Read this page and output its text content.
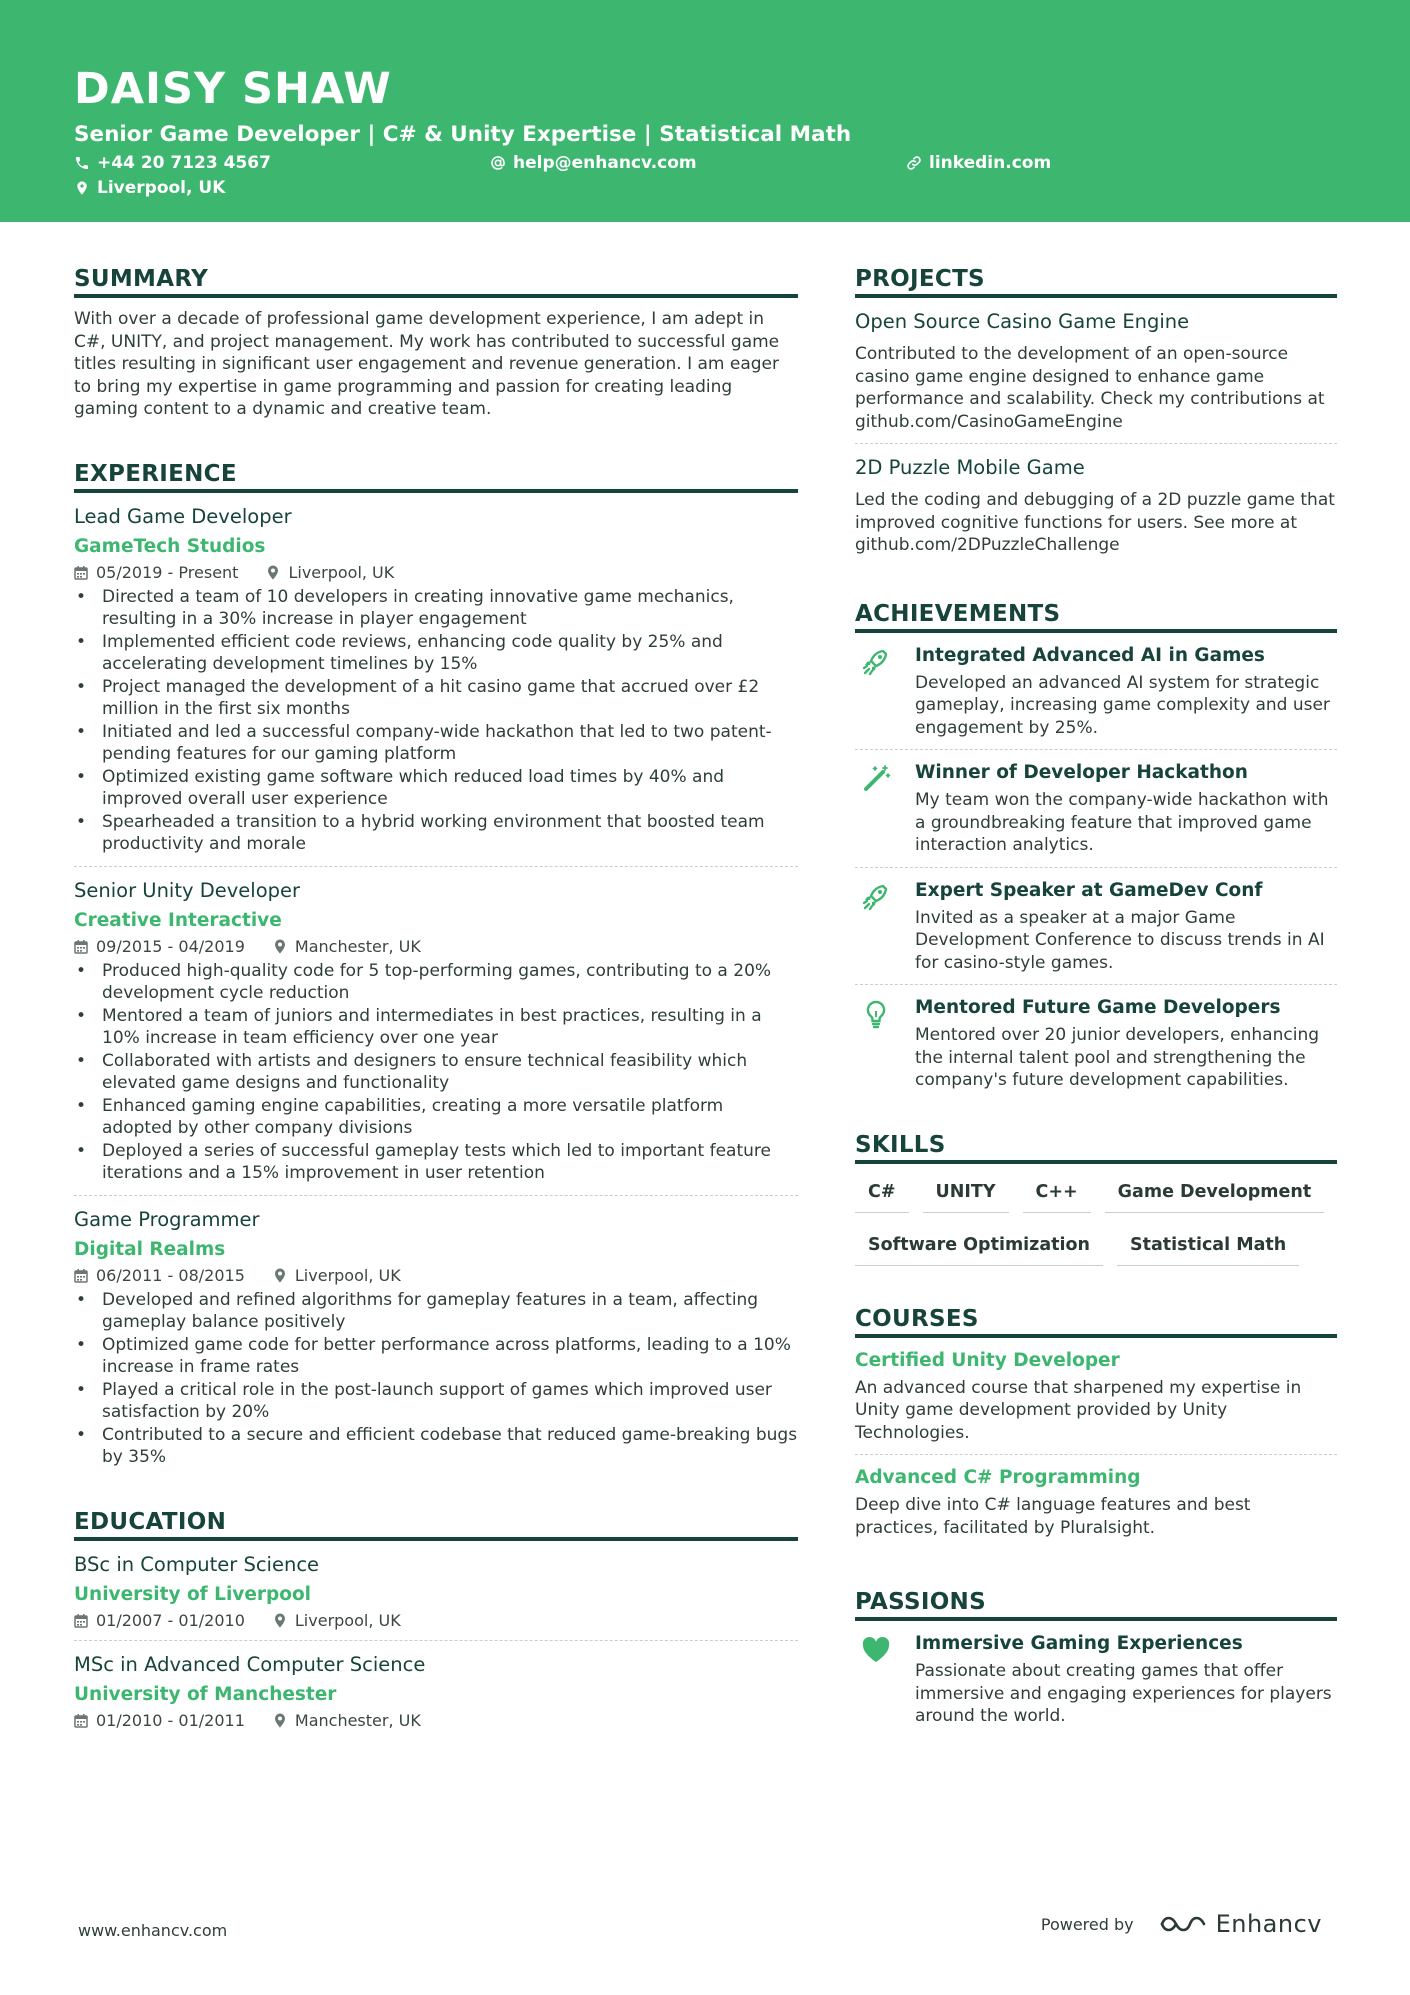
DAISY SHAW
Senior Game Developer | C# & Unity Expertise | Statistical Math
+44 20 7123 4567	help@enhancv.com	linkedin.com
Liverpool, UK
SUMMARY
With over a decade of professional game development experience, I am adept in C#, UNITY, and project management. My work has contributed to successful game titles resulting in significant user engagement and revenue generation. I am eager to bring my expertise in game programming and passion for creating leading gaming content to a dynamic and creative team.
EXPERIENCE
Lead Game Developer
GameTech Studios
05/2019 - Present	Liverpool, UK
• Directed a team of 10 developers in creating innovative game mechanics, resulting in a 30% increase in player engagement
• Implemented efficient code reviews, enhancing code quality by 25% and accelerating development timelines by 15%
• Project managed the development of a hit casino game that accrued over £2 million in the first six months
• Initiated and led a successful company-wide hackathon that led to two patent-pending features for our gaming platform
• Optimized existing game software which reduced load times by 40% and improved overall user experience
• Spearheaded a transition to a hybrid working environment that boosted team productivity and morale
Senior Unity Developer
Creative Interactive
09/2015 - 04/2019	Manchester, UK
• Produced high-quality code for 5 top-performing games, contributing to a 20% development cycle reduction
• Mentored a team of juniors and intermediates in best practices, resulting in a 10% increase in team efficiency over one year
• Collaborated with artists and designers to ensure technical feasibility which elevated game designs and functionality
• Enhanced gaming engine capabilities, creating a more versatile platform adopted by other company divisions
• Deployed a series of successful gameplay tests which led to important feature iterations and a 15% improvement in user retention
Game Programmer
Digital Realms
06/2011 - 08/2015	Liverpool, UK
• Developed and refined algorithms for gameplay features in a team, affecting gameplay balance positively
• Optimized game code for better performance across platforms, leading to a 10% increase in frame rates
• Played a critical role in the post-launch support of games which improved user satisfaction by 20%
• Contributed to a secure and efficient codebase that reduced game-breaking bugs by 35%
EDUCATION
BSc in Computer Science
University of Liverpool
01/2007 - 01/2010	Liverpool, UK
MSc in Advanced Computer Science
University of Manchester
01/2010 - 01/2011	Manchester, UK
PROJECTS
Open Source Casino Game Engine
Contributed to the development of an open-source casino game engine designed to enhance game performance and scalability. Check my contributions at github.com/CasinoGameEngine
2D Puzzle Mobile Game
Led the coding and debugging of a 2D puzzle game that improved cognitive functions for users. See more at github.com/2DPuzzleChallenge
ACHIEVEMENTS
Integrated Advanced AI in Games
Developed an advanced AI system for strategic gameplay, increasing game complexity and user engagement by 25%.
Winner of Developer Hackathon
My team won the company-wide hackathon with a groundbreaking feature that improved game interaction analytics.
Expert Speaker at GameDev Conf
Invited as a speaker at a major Game Development Conference to discuss trends in AI for casino-style games.
Mentored Future Game Developers
Mentored over 20 junior developers, enhancing the internal talent pool and strengthening the company's future development capabilities.
SKILLS
C#	UNITY	C++	Game Development
Software Optimization	Statistical Math
COURSES
Certified Unity Developer
An advanced course that sharpened my expertise in Unity game development provided by Unity Technologies.
Advanced C# Programming
Deep dive into C# language features and best practices, facilitated by Pluralsight.
PASSIONS
Immersive Gaming Experiences
Passionate about creating games that offer immersive and engaging experiences for players around the world.
www.enhancv.com	Powered by	Enhancv
